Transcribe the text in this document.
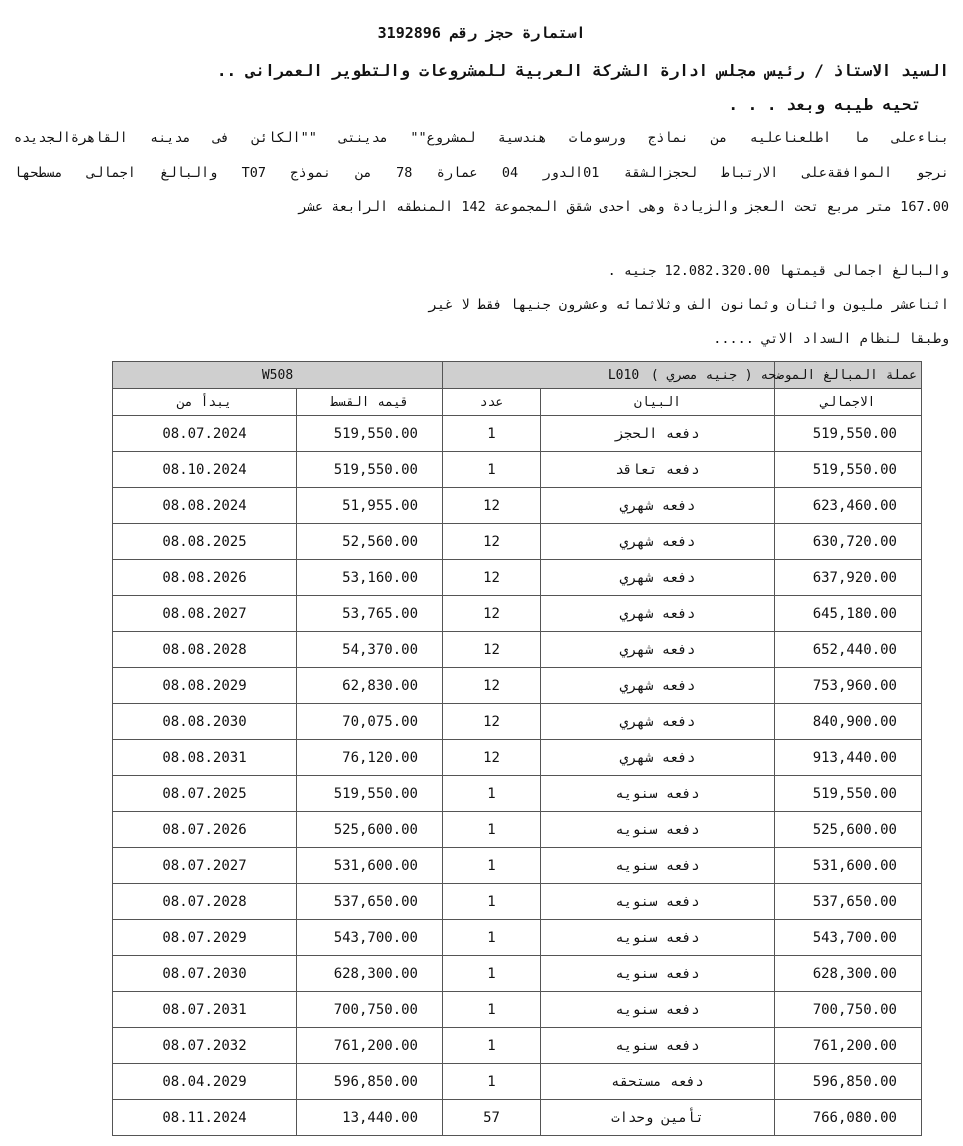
استمارة حجز رقم 3192896
السيد الاستاذ / رئيس مجلس ادارة الشركة العربية للمشروعات والتطوير العمرانى ..
تحيه طيبه وبعد . . .
بناءعلى ما اطلعناعليه من نماذج ورسومات هندسية لمشروع"" مدينتى ""الكائن فى مدينه القاهرةالجديده
نرجو الموافقةعلى الارتباط لحجزالشقة 01الدور 04 عمارة 78 من نموذج T07 والبالغ اجمالى مسطحها
167.00 متر مربع تحت العجز والزيادة وهى احدى شقق المجموعة 142 المنطقه الرابعة عشر
والبالغ اجمالى قيمتها 12.082.320.00 جنيه .
اثناعشر مليون واثنان وثمانون الف وثلاثمائه وعشرون جنيها فقط لا غير
وطبقا لنظام السداد الاتي .....
W508		L010		عملة المبالغ الموضحه ( جنيه مصري )
يبدأ من	قيمه القسط	عدد	البيان	الاجمالي
08.07.2024	519,550.00	1	دفعه الحجز	519,550.00
08.10.2024	519,550.00	1	دفعه تعاقد	519,550.00
08.08.2024	51,955.00	12	دفعه شهري	623,460.00
08.08.2025	52,560.00	12	دفعه شهري	630,720.00
08.08.2026	53,160.00	12	دفعه شهري	637,920.00
08.08.2027	53,765.00	12	دفعه شهري	645,180.00
08.08.2028	54,370.00	12	دفعه شهري	652,440.00
08.08.2029	62,830.00	12	دفعه شهري	753,960.00
08.08.2030	70,075.00	12	دفعه شهري	840,900.00
08.08.2031	76,120.00	12	دفعه شهري	913,440.00
08.07.2025	519,550.00	1	دفعه سنويه	519,550.00
08.07.2026	525,600.00	1	دفعه سنويه	525,600.00
08.07.2027	531,600.00	1	دفعه سنويه	531,600.00
08.07.2028	537,650.00	1	دفعه سنويه	537,650.00
08.07.2029	543,700.00	1	دفعه سنويه	543,700.00
08.07.2030	628,300.00	1	دفعه سنويه	628,300.00
08.07.2031	700,750.00	1	دفعه سنويه	700,750.00
08.07.2032	761,200.00	1	دفعه سنويه	761,200.00
08.04.2029	596,850.00	1	دفعه مستحقه	596,850.00
08.11.2024	13,440.00	57	تأمين وحدات	766,080.00
